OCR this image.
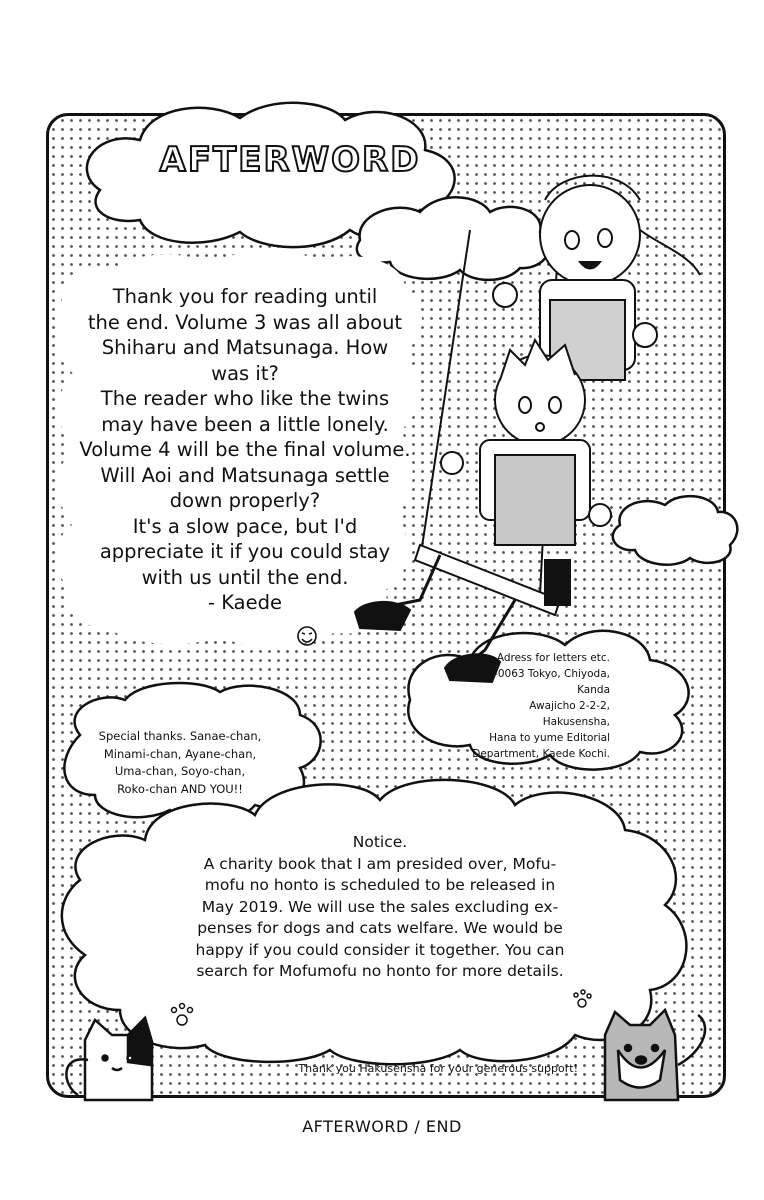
AFTERWORD
Thank you for reading until
the end. Volume 3 was all about
Shiharu and Matsunaga. How
was it?
The reader who like the twins
may have been a little lonely.
Volume 4 will be the final volume.
Will Aoi and Matsunaga settle
down properly?
It's a slow pace, but I'd
appreciate it if you could stay
with us until the end.
- Kaede
Adress for letters etc.
101-0063 Tokyo, Chiyoda, Kanda
Awajicho 2-2-2, Hakusensha,
Hana to yume Editorial
Department, Kaede Kochi.
Special thanks. Sanae-chan,
Minami-chan, Ayane-chan,
Uma-chan, Soyo-chan,
Roko-chan AND YOU!!
Notice.
A charity book that I am presided over, Mofu-
mofu no honto is scheduled to be released in
May 2019. We will use the sales excluding ex-
penses for dogs and cats welfare. We would be
happy if you could consider it together. You can
search for Mofumofu no honto for more details.
Thank you Hakusensha for your generous support!
AFTERWORD / END
